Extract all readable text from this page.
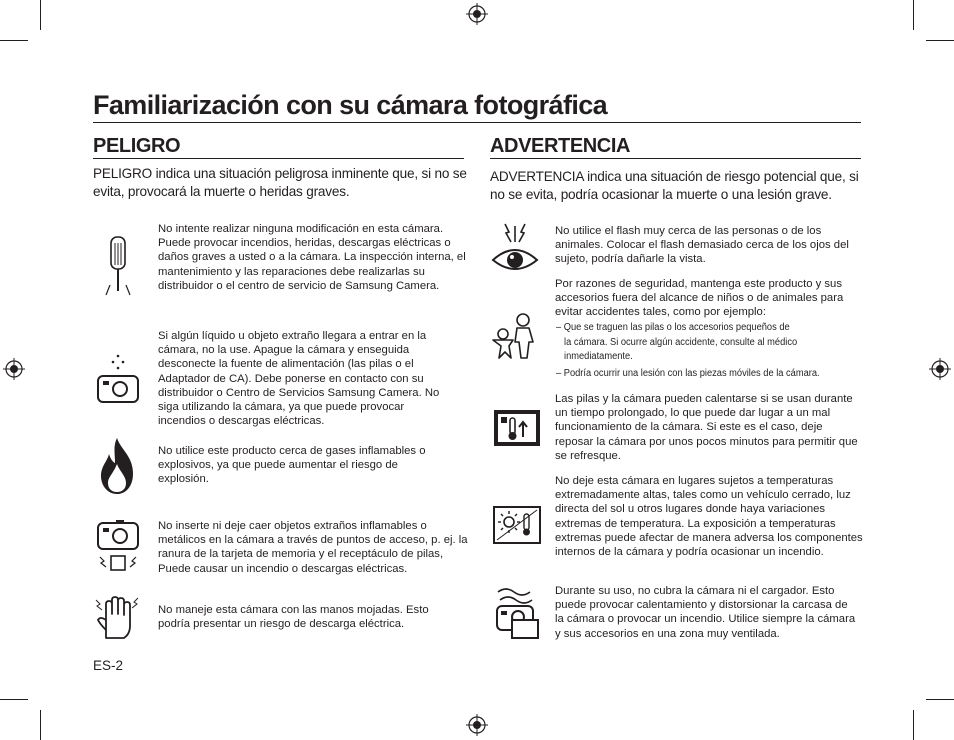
Familiarización con su cámara fotográfica
PELIGRO
PELIGRO indica una situación peligrosa inminente que, si no se evita, provocará la muerte o heridas graves.
No intente realizar ninguna modificación en esta cámara. Puede provocar incendios, heridas, descargas eléctricas o daños graves a usted o a la cámara. La inspección interna, el mantenimiento y las reparaciones debe realizarlas su distribuidor o el centro de servicio de Samsung Camera.
Si algún líquido u objeto extraño llegara a entrar en la cámara, no la use. Apague la cámara y enseguida desconecte la fuente de alimentación (las pilas o el Adaptador de CA). Debe ponerse en contacto con su distribuidor o Centro de Servicios Samsung Camera. No siga utilizando la cámara, ya que puede provocar incendios o descargas eléctricas.
No utilice este producto cerca de gases inflamables o explosivos, ya que puede aumentar el riesgo de explosión.
No inserte ni deje caer objetos extraños inflamables o metálicos en la cámara a través de puntos de acceso, p. ej. la ranura de la tarjeta de memoria y el receptáculo de pilas, Puede causar un incendio o descargas eléctricas.
No maneje esta cámara con las manos mojadas. Esto podría presentar un riesgo de descarga eléctrica.
ADVERTENCIA
ADVERTENCIA indica una situación de riesgo potencial que, si no se evita, podría ocasionar la muerte o una lesión grave.
No utilice el flash muy cerca de las personas o de los animales. Colocar el flash demasiado cerca de los ojos del sujeto, podría dañarle la vista.
Por razones de seguridad, mantenga este producto y sus accesorios fuera del alcance de niños o de animales para evitar accidentes tales, como por ejemplo:
– Que se traguen las pilas o los accesorios pequeños de
la cámara. Si ocurre algún accidente, consulte al médico
inmediatamente.
– Podría ocurrir una lesión con las piezas móviles de la cámara.
Las pilas y la cámara pueden calentarse si se usan durante un tiempo prolongado, lo que puede dar lugar a un mal funcionamiento de la cámara. Si este es el caso, deje reposar la cámara por unos pocos minutos para permitir que se refresque.
No deje esta cámara en lugares sujetos a temperaturas extremadamente altas, tales como un vehículo cerrado, luz directa del sol u otros lugares donde haya variaciones extremas de temperatura. La exposición a temperaturas extremas puede afectar de manera adversa los componentes internos de la cámara y podría ocasionar un incendio.
Durante su uso, no cubra la cámara ni el cargador. Esto puede provocar calentamiento y distorsionar la carcasa de la cámara o provocar un incendio. Utilice siempre la cámara y sus accesorios en una zona muy ventilada.
ES-2
